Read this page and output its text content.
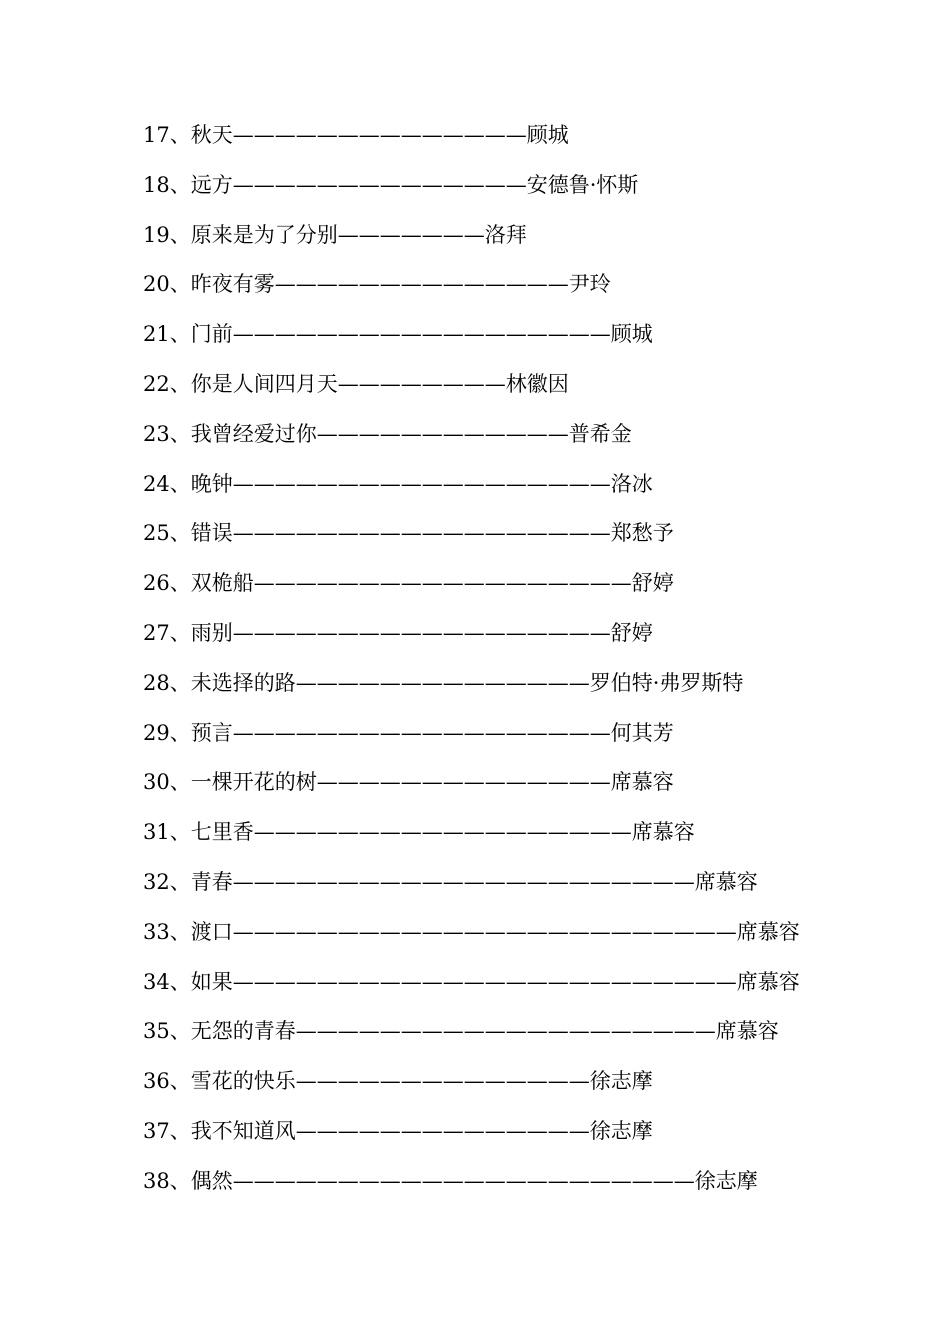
17、秋天——————————————顾城
18、远方——————————————安德鲁·怀斯
19、原来是为了分别———————洛拜
20、昨夜有雾——————————————尹玲
21、门前——————————————————顾城
22、你是人间四月天————————林徽因
23、我曾经爱过你————————————普希金
24、晚钟——————————————————洛冰
25、错误——————————————————郑愁予
26、双桅船——————————————————舒婷
27、雨别——————————————————舒婷
28、未选择的路——————————————罗伯特·弗罗斯特
29、预言——————————————————何其芳
30、一棵开花的树——————————————席慕容
31、七里香——————————————————席慕容
32、青春——————————————————————席慕容
33、渡口————————————————————————席慕容
34、如果————————————————————————席慕容
35、无怨的青春————————————————————席慕容
36、雪花的快乐——————————————徐志摩
37、我不知道风——————————————徐志摩
38、偶然——————————————————————徐志摩
